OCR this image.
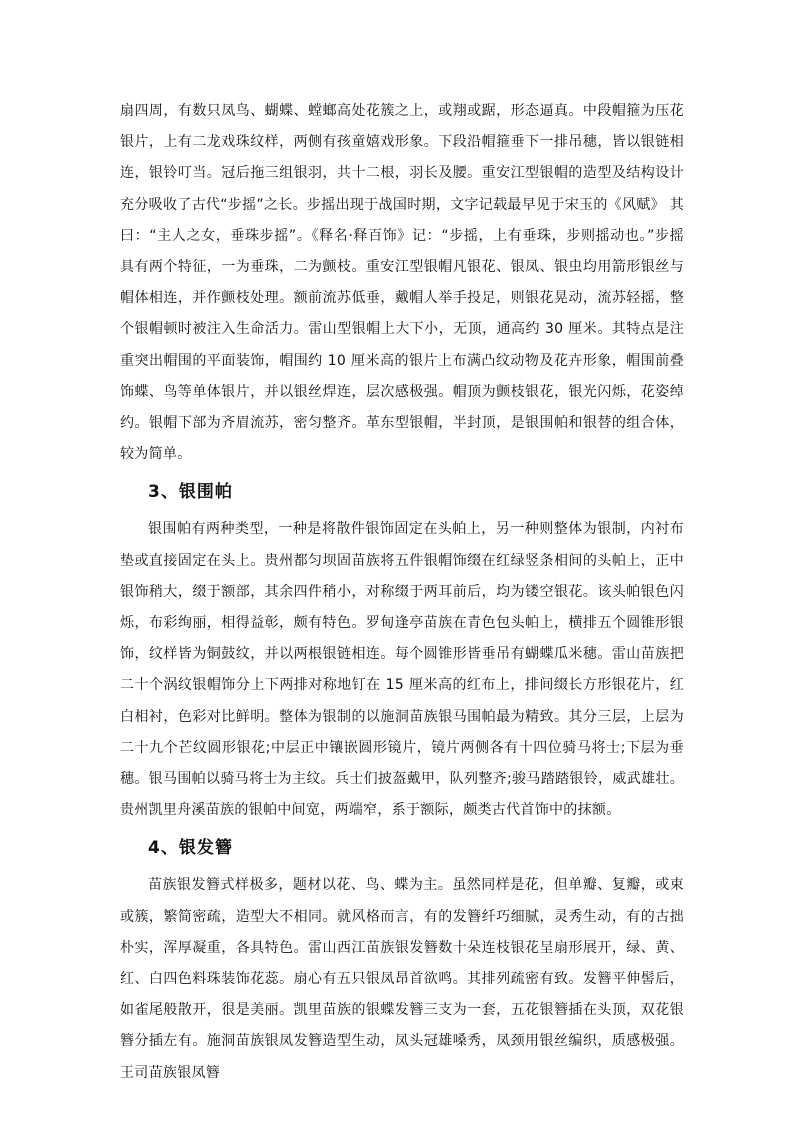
扇四周，有数只凤鸟、蝴蝶、螳螂高处花簇之上，或翔或踞，形态逼真。中段帽箍为压花银片，上有二龙戏珠纹样，两侧有孩童嬉戏形象。下段沿帽箍垂下一排吊穗，皆以银链相连，银铃叮当。冠后拖三组银羽，共十二根，羽长及腰。重安江型银帽的造型及结构设计充分吸收了古代“步摇”之长。步摇出现于战国时期，文字记载最早见于宋玉的《风赋》 其曰：“主人之女，垂珠步摇”。《释名·释百饰》记：“步摇，上有垂珠，步则摇动也。”步摇具有两个特征，一为垂珠，二为颤枝。重安江型银帽凡银花、银凤、银虫均用箭形银丝与帽体相连，并作颤枝处理。额前流苏低垂，戴帽人举手投足，则银花晃动，流苏轻摇，整个银帽顿时被注入生命活力。雷山型银帽上大下小，无顶，通高约 30 厘米。其特点是注重突出帽围的平面装饰，帽围约 10 厘米高的银片上布满凸纹动物及花卉形象，帽围前叠饰蝶、鸟等单体银片，并以银丝焊连，层次感极强。帽顶为颤枝银花，银光闪烁，花姿绰约。银帽下部为齐眉流苏，密匀整齐。革东型银帽，半封顶，是银围帕和银替的组合体，较为简单。

3、银围帕

银围帕有两种类型，一种是将散件银饰固定在头帕上，另一种则整体为银制，内衬布垫或直接固定在头上。贵州都匀坝固苗族将五件银帽饰缀在红绿竖条相间的头帕上，正中银饰稍大，缀于额部，其余四件稍小，对称缀于两耳前后，均为镂空银花。该头帕银色闪烁，布彩绚丽，相得益彰，颇有特色。罗甸逢亭苗族在青色包头帕上，横排五个圆锥形银饰，纹样皆为铜鼓纹，并以两根银链相连。每个圆锥形皆垂吊有蝴蝶瓜米穗。雷山苗族把二十个涡纹银帽饰分上下两排对称地钉在 15 厘米高的红布上，排间缀长方形银花片，红白相衬，色彩对比鲜明。整体为银制的以施洞苗族银马围帕最为精致。其分三层，上层为二十九个芒纹圆形银花;中层正中镶嵌圆形镜片，镜片两侧各有十四位骑马将士;下层为垂穗。银马围帕以骑马将士为主纹。兵士们披盔戴甲，队列整齐;骏马踏踏银铃，威武雄壮。贵州凯里舟溪苗族的银帕中间宽，两端窄，系于额际，颇类古代首饰中的抹额。

4、银发簪

苗族银发簪式样极多，题材以花、鸟、蝶为主。虽然同样是花，但单瓣、复瓣，或束或簇，繁简密疏，造型大不相同。就风格而言，有的发簪纤巧细腻，灵秀生动，有的古拙朴实，浑厚凝重，各具特色。雷山西江苗族银发簪数十朵连枝银花呈扇形展开，绿、黄、红、白四色料珠装饰花蕊。扇心有五只银凤昂首欲鸣。其排列疏密有致。发簪平伸髻后，如雀尾般散开，很是美丽。凯里苗族的银蝶发簪三支为一套，五花银簪插在头顶，双花银簪分插左有。施洞苗族银凤发簪造型生动，凤头冠雄嗓秀，凤颈用银丝编织，质感极强。王司苗族银凤簪
